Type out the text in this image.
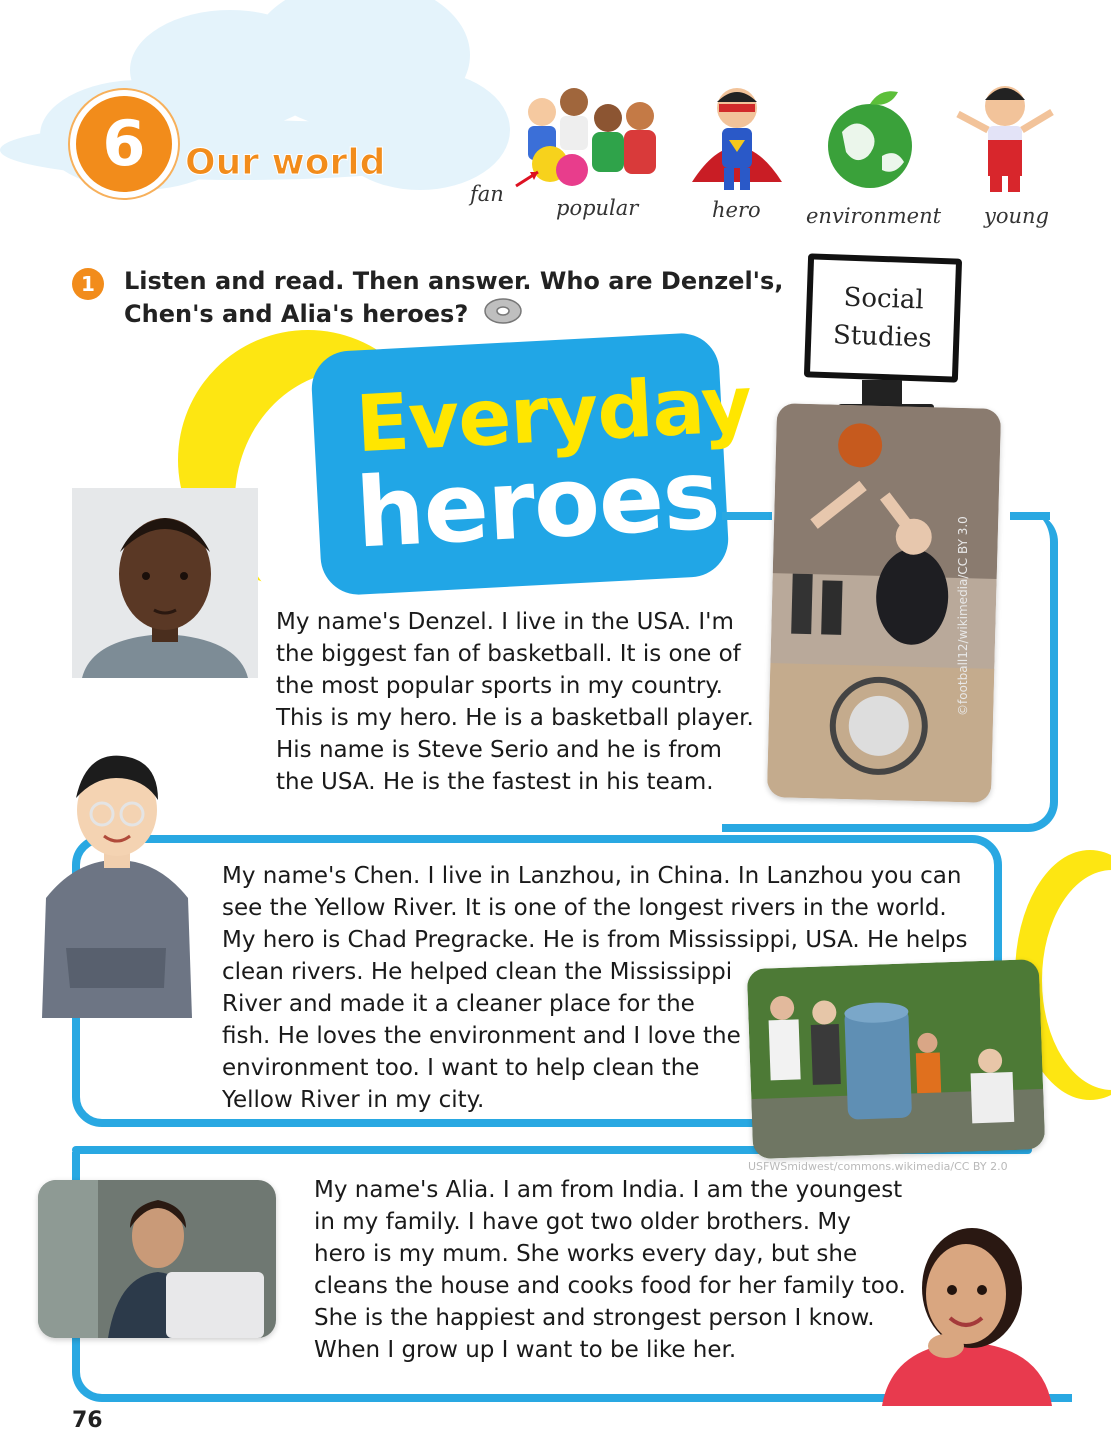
6	Our world
fan
popular	hero environment young
1	Listen and read. Then answer. Who are Denzel's, Chen's and Alia's heroes?	Social
Studies
Everyday
heroes
My name's Denzel. I live in the USA. I'm
the biggest fan of basketball. It is one of
the most popular sports in my country.
This is my hero. He is a basketball player.
His name is Steve Serio and he is from
the USA. He is the fastest in his team.
©football12/wikimedia/CC BY 3.0
My name's Chen. I live in Lanzhou, in China. In Lanzhou you can
see the Yellow River. It is one of the longest rivers in the world.
My hero is Chad Pregracke. He is from Mississippi, USA. He helps
clean rivers. He helped clean the Mississippi
River and made it a cleaner place for the
fish. He loves the environment and I love the
environment too. I want to help clean the
Yellow River in my city.
USFWSmidwest/commons.wikimedia/CC BY 2.0
My name's Alia. I am from India. I am the youngest
in my family. I have got two older brothers. My
hero is my mum. She works every day, but she
cleans the house and cooks food for her family too.
She is the happiest and strongest person I know.
When I grow up I want to be like her.
76
